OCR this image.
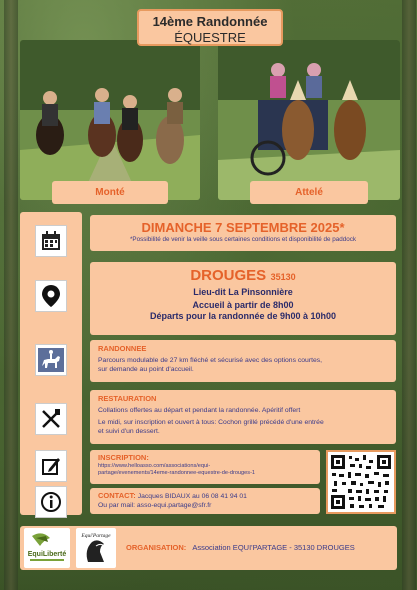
14ème Randonnée
ÉQUESTRE
Monté	Attelé
DIMANCHE 7 SEPTEMBRE 2025*
*Possibilité de venir la veille sous certaines conditions et disponibilité de paddock
DROUGES 35130
Lieu-dit La Pinsonnière
Accueil à partir de 8h00
Départs pour la randonnée de 9h00 à 10h00
RANDONNEE
Parcours modulable de 27 km fléché et sécurisé avec des options courtes,
sur demande au point d'accueil.
RESTAURATION
Collations offertes au départ et pendant la randonnée. Apéritif offert
Le midi, sur inscription et ouvert à tous: Cochon grillé précédé d'une entrée
et suivi d'un dessert.
INSCRIPTION:
https://www.helloasso.com/associations/equi-
partage/evenements/14eme-randonnee-equestre-de-drouges-1
CONTACT: Jacques BIDAUX au 06 08 41 94 01
Ou par mail: asso-equi.partage@sfr.fr
EquiLiberté
Equi'Partage
ORGANISATION: Association EQUI'PARTAGE - 35130 DROUGES
